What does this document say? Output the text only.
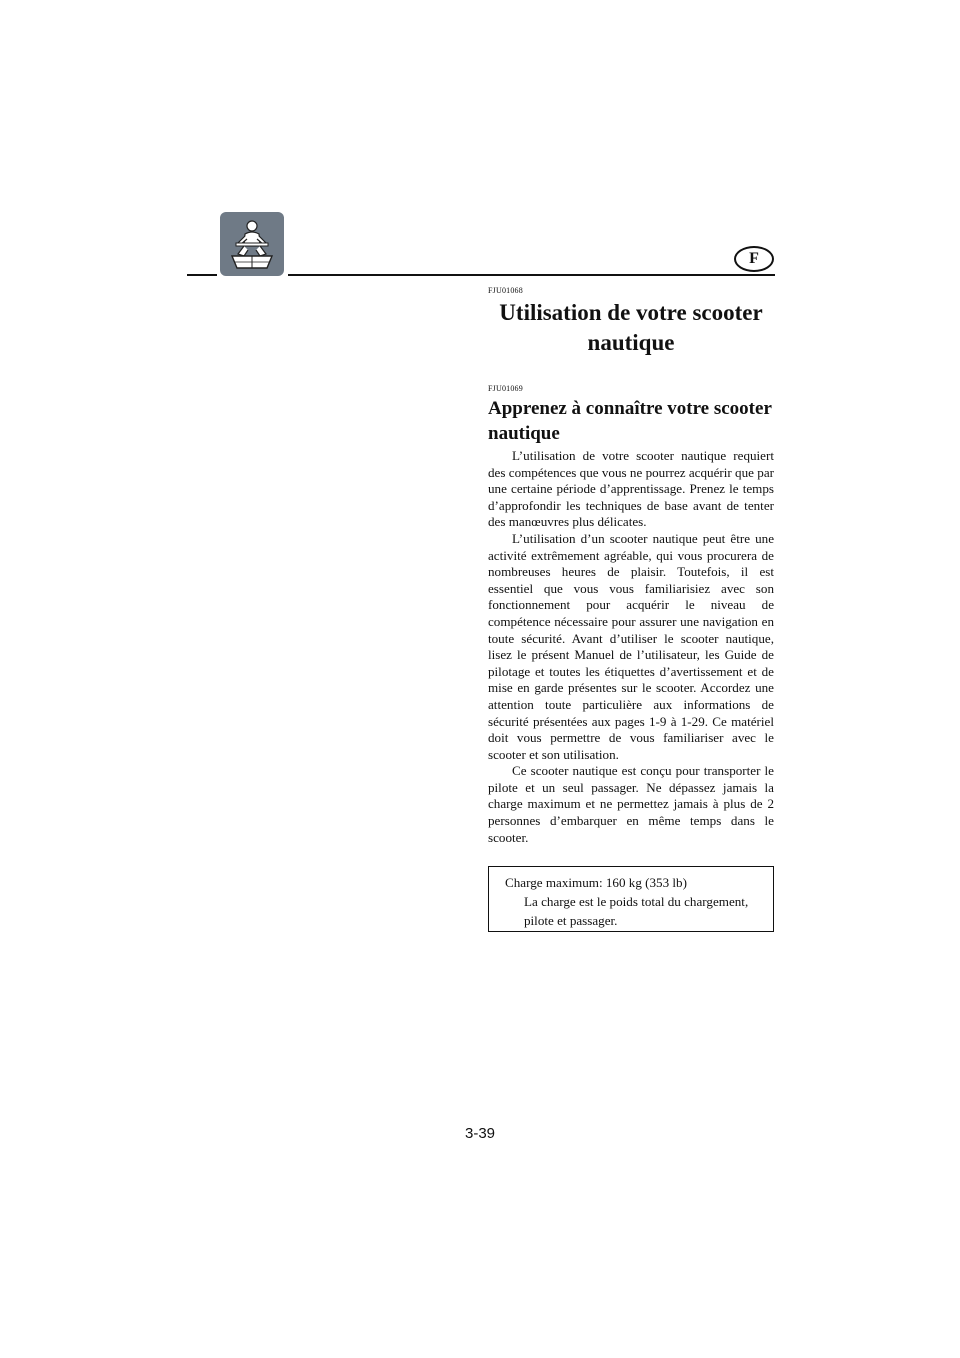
F

FJU01068

Utilisation de votre scooter nautique

FJU01069

Apprenez à connaître votre scooter nautique

L’utilisation de votre scooter nautique requiert des compétences que vous ne pourrez acquérir que par une certaine période d’apprentissage. Prenez le temps d’approfondir les techniques de base avant de tenter des manœuvres plus délicates.

L’utilisation d’un scooter nautique peut être une activité extrêmement agréable, qui vous procurera de nombreuses heures de plaisir. Toutefois, il est essentiel que vous vous familiarisiez avec son fonctionnement pour acquérir le niveau de compétence nécessaire pour assurer une navigation en toute sécurité. Avant d’utiliser le scooter nautique, lisez le présent Manuel de l’utilisateur, les Guide de pilotage et toutes les étiquettes d’avertissement et de mise en garde présentes sur le scooter. Accordez une attention toute particulière aux informations de sécurité présentées aux pages 1-9 à 1-29. Ce matériel doit vous permettre de vous familiariser avec le scooter et son utilisation.

Ce scooter nautique est conçu pour transporter le pilote et un seul passager. Ne dépassez jamais la charge maximum et ne permettez jamais à plus de 2 personnes d’embarquer en même temps dans le scooter.

Charge maximum: 160 kg (353 lb)
La charge est le poids total du chargement, pilote et passager.
3-39
